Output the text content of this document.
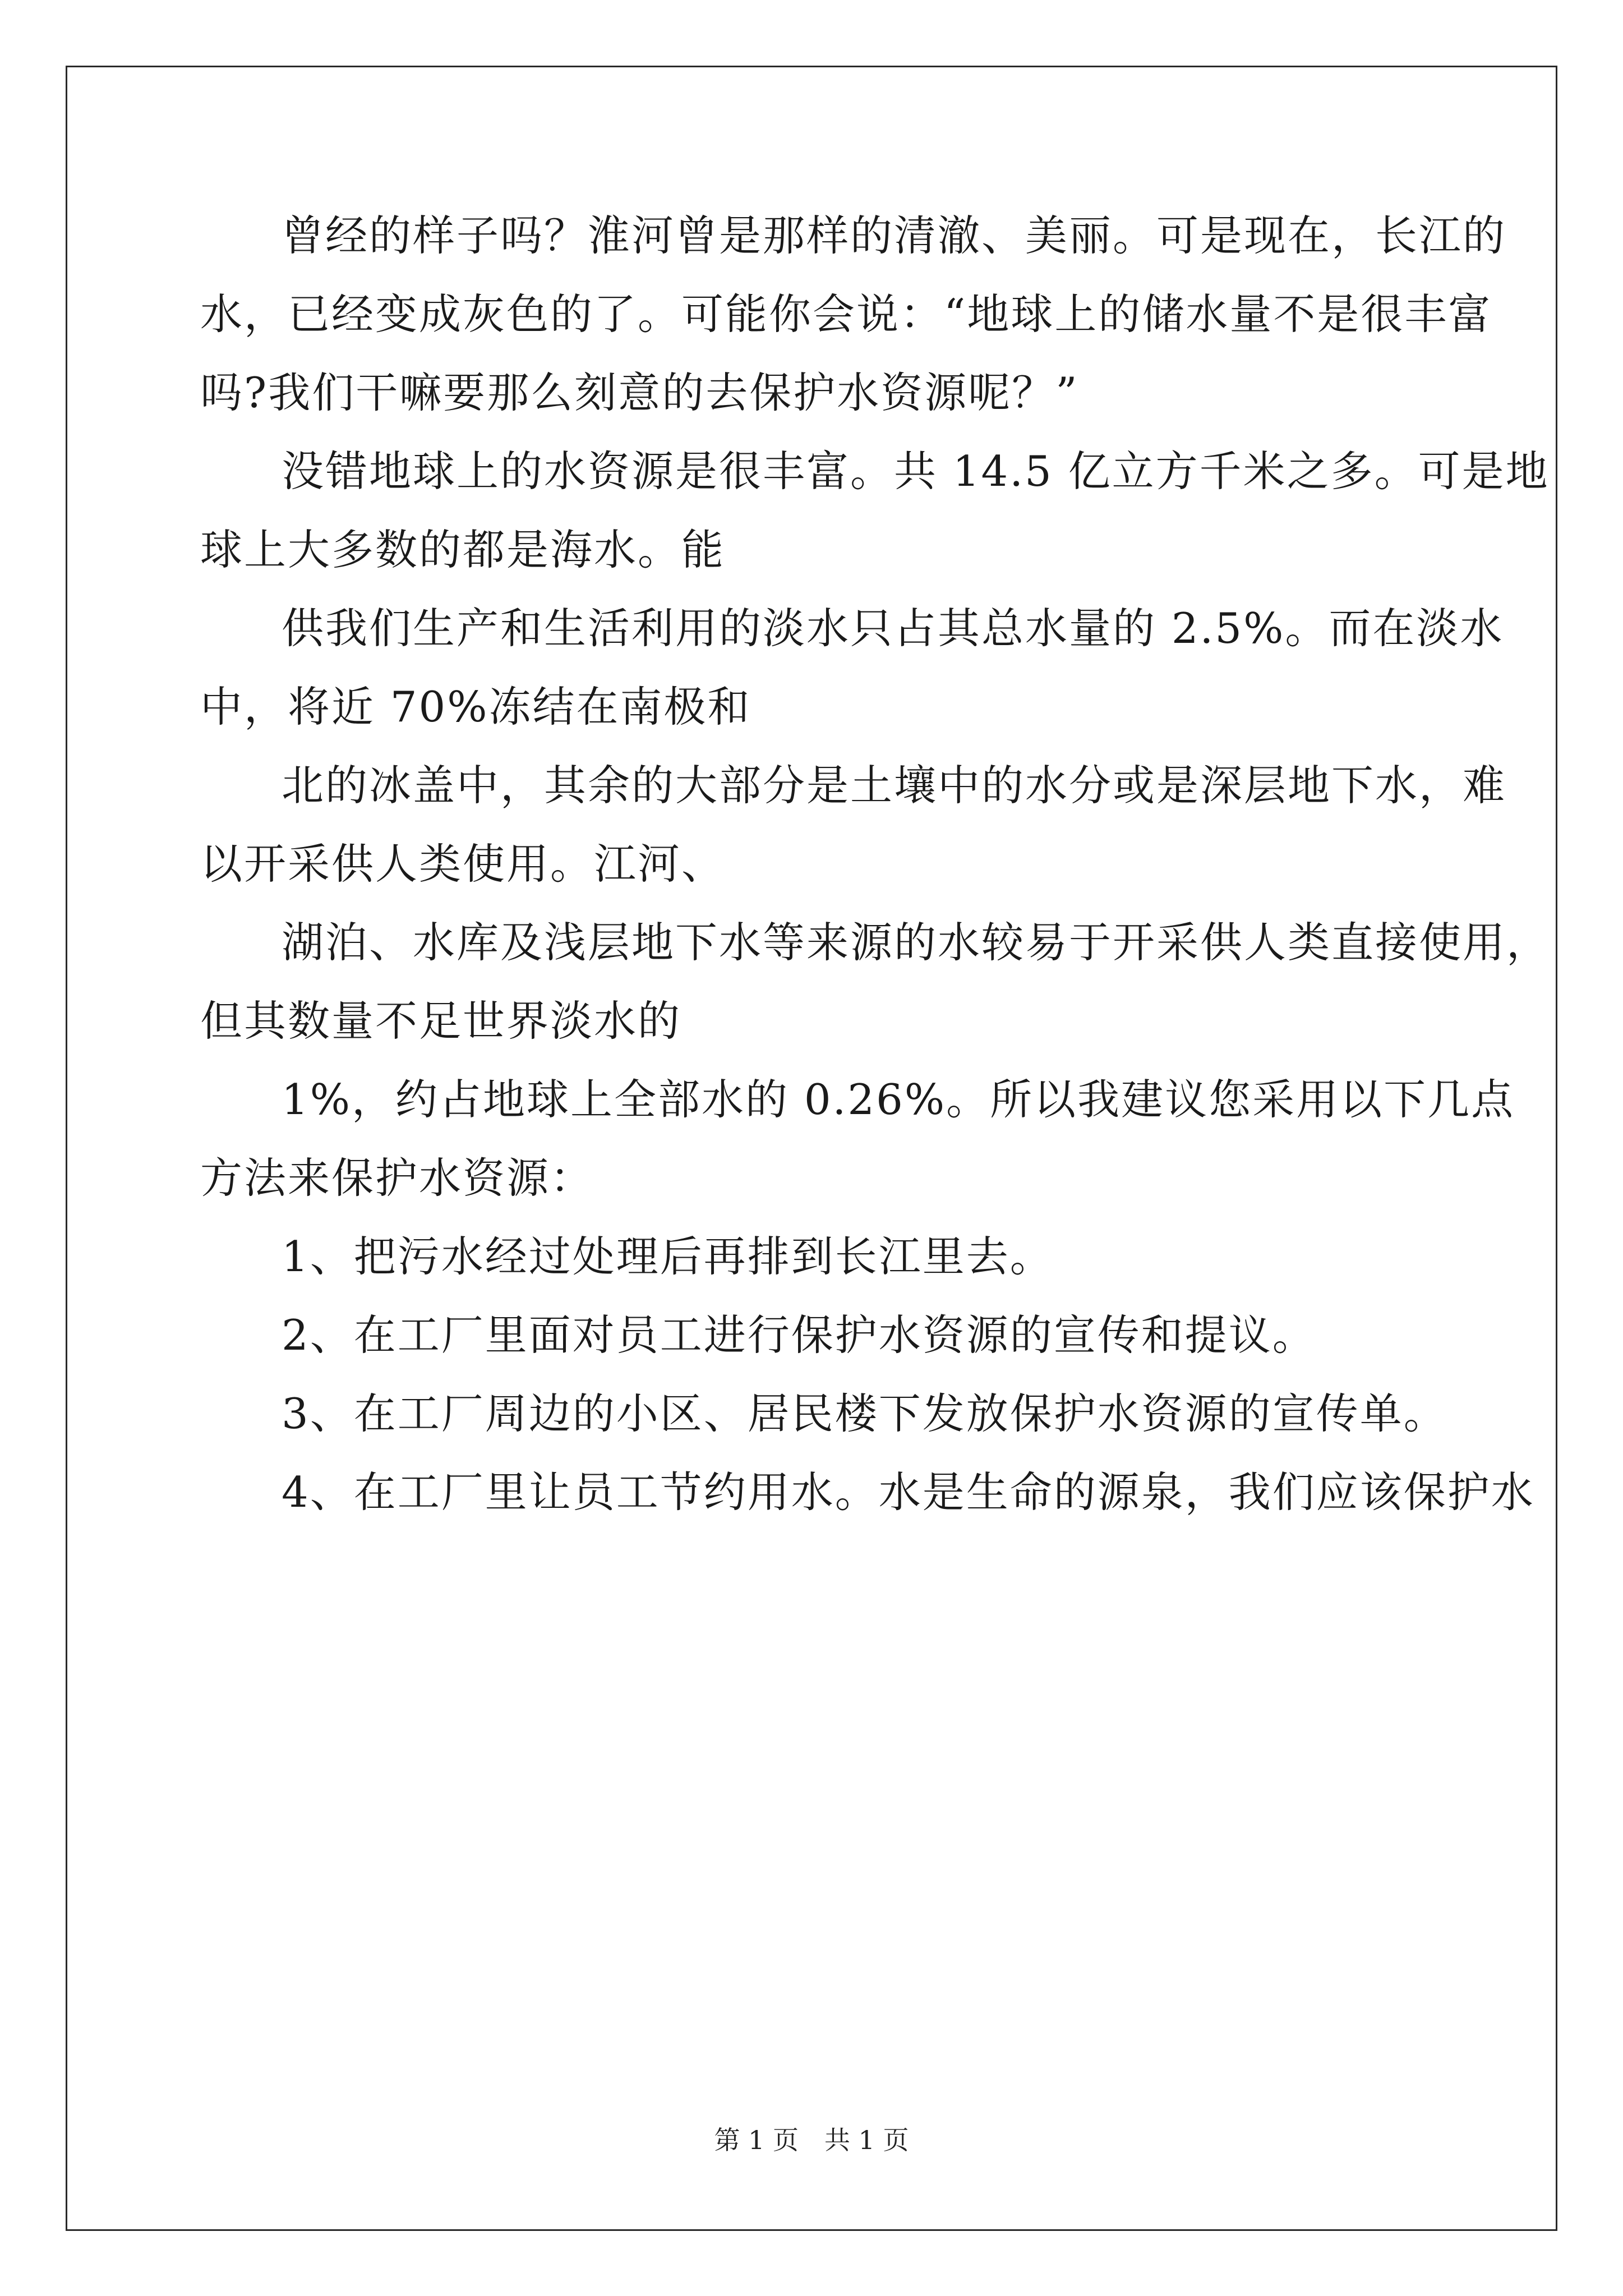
曾经的样子吗？淮河曾是那样的清澈、美丽。可是现在，长江的
水，已经变成灰色的了。可能你会说：“地球上的储水量不是很丰富
吗?我们干嘛要那么刻意的去保护水资源呢？”
没错地球上的水资源是很丰富。共 14.5 亿立方千米之多。可是地
球上大多数的都是海水。能
供我们生产和生活利用的淡水只占其总水量的 2.5%。而在淡水
中，将近 70%冻结在南极和
北的冰盖中，其余的大部分是土壤中的水分或是深层地下水，难
以开采供人类使用。江河、
湖泊、水库及浅层地下水等来源的水较易于开采供人类直接使用，
但其数量不足世界淡水的
1%，约占地球上全部水的 0.26%。所以我建议您采用以下几点
方法来保护水资源：
1、把污水经过处理后再排到长江里去。
2、在工厂里面对员工进行保护水资源的宣传和提议。
3、在工厂周边的小区、居民楼下发放保护水资源的宣传单。
4、在工厂里让员工节约用水。水是生命的源泉，我们应该保护水
第 1 页　共 1 页
